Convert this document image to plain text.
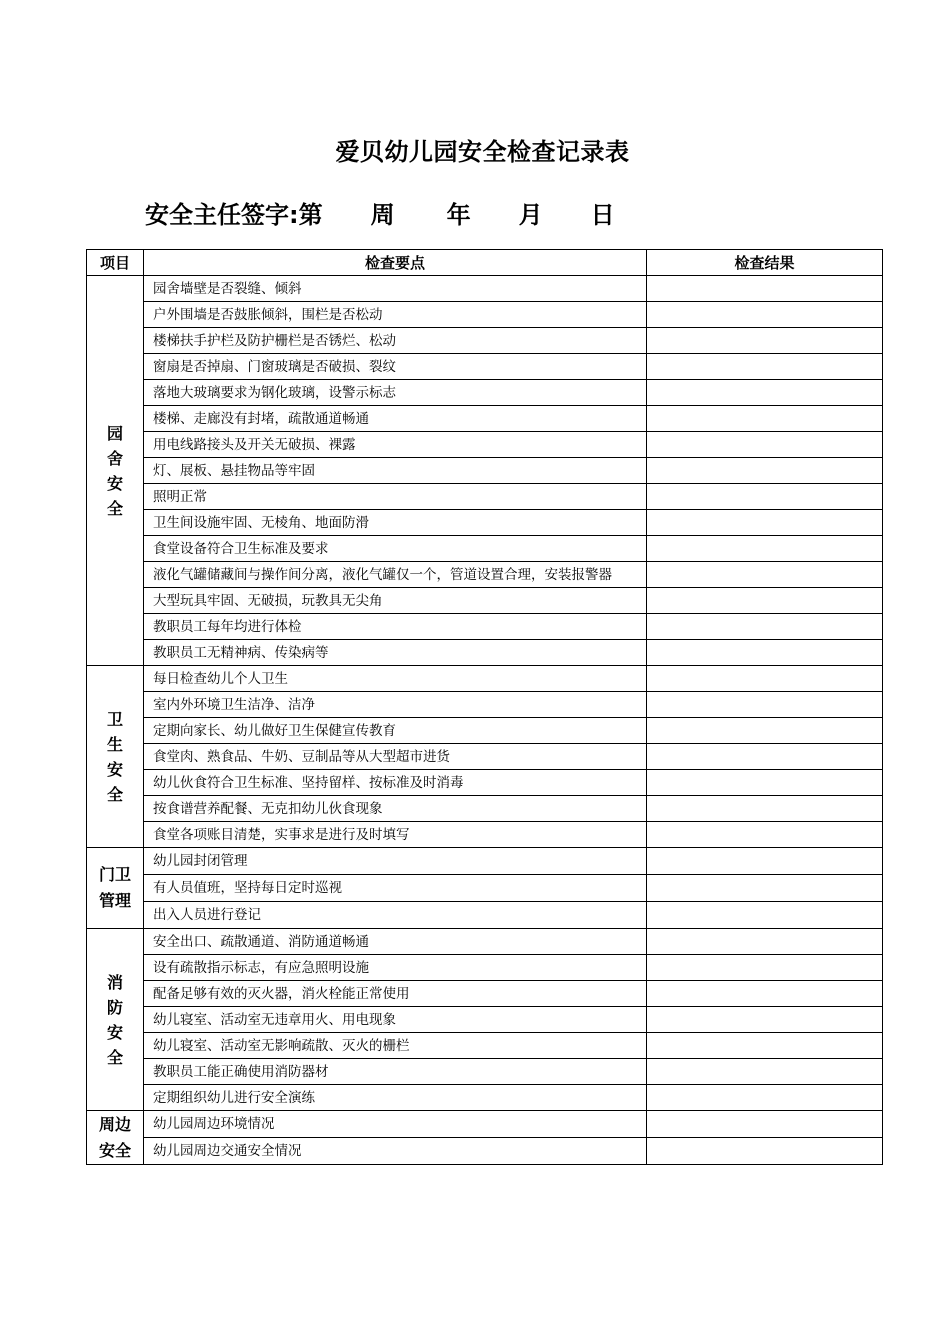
爱贝幼儿园安全检查记录表
安全主任签字:第 周 年 月 日
项目	检查要点	检查结果
园舍安全	园舍墙壁是否裂缝、倾斜	
	户外围墙是否鼓胀倾斜，围栏是否松动	
	楼梯扶手护栏及防护栅栏是否锈烂、松动	
	窗扇是否掉扇、门窗玻璃是否破损、裂纹	
	落地大玻璃要求为钢化玻璃，设警示标志	
	楼梯、走廊没有封堵，疏散通道畅通	
	用电线路接头及开关无破损、裸露	
	灯、展板、悬挂物品等牢固	
	照明正常	
	卫生间设施牢固、无棱角、地面防滑	
	食堂设备符合卫生标准及要求	
	液化气罐储藏间与操作间分离，液化气罐仅一个，管道设置合理，安装报警器	
	大型玩具牢固、无破损，玩教具无尖角	
	教职员工每年均进行体检	
	教职员工无精神病、传染病等	
卫生安全	每日检查幼儿个人卫生	
	室内外环境卫生洁净、洁净	
	定期向家长、幼儿做好卫生保健宣传教育	
	食堂肉、熟食品、牛奶、豆制品等从大型超市进货	
	幼儿伙食符合卫生标准、坚持留样、按标准及时消毒	
	按食谱营养配餐、无克扣幼儿伙食现象	
	食堂各项账目清楚，实事求是进行及时填写	
门卫管理	幼儿园封闭管理	
	有人员值班，坚持每日定时巡视	
	出入人员进行登记	
消防安全	安全出口、疏散通道、消防通道畅通	
	设有疏散指示标志，有应急照明设施	
	配备足够有效的灭火器，消火栓能正常使用	
	幼儿寝室、活动室无违章用火、用电现象	
	幼儿寝室、活动室无影响疏散、灭火的栅栏	
	教职员工能正确使用消防器材	
	定期组织幼儿进行安全演练	
周边安全	幼儿园周边环境情况	
	幼儿园周边交通安全情况	
